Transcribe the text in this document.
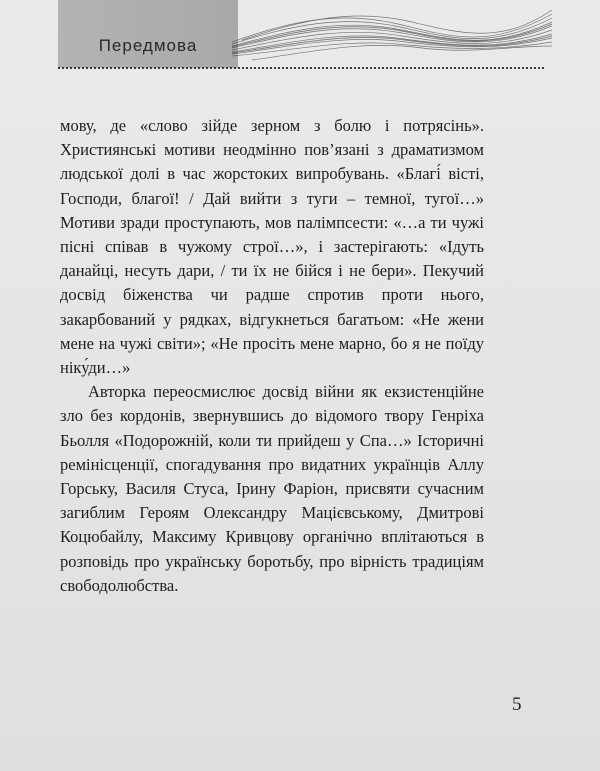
Передмова

мову, де «слово зійде зерном з болю і потрясінь». Християнські мотиви неодмінно пов’язані з драматизмом людської долі в час жорстоких випробувань. «Благі́ вісті, Господи, благої! / Дай вийти з туги – темної, тугої…» Мотиви зради проступають, мов палімпсести: «…а ти чужі пісні співав в чужому строї…», і застерігають: «Ідуть данайці, несуть дари, / ти їх не бійся і не бери». Пекучий досвід біженства чи радше спротив проти нього, закарбований у рядках, відгукнеться багатьом: «Не жени мене на чужі світи»; «Не просіть мене марно, бо я не поїду ніку́ди…»

Авторка переосмислює досвід війни як екзистенційне зло без кордонів, звернувшись до відомого твору Генріха Бьолля «Подорожній, коли ти прийдеш у Спа…» Історичні ремінісценції, спогадування про видатних українців Аллу Горську, Василя Стуса, Ірину Фаріон, присвяти сучасним загиблим Героям Олександру Мацієвському, Дмитрові Коцюбайлу, Максиму Кривцову органічно вплітаються в розповідь про українську боротьбу, про вірність традиціям свободолюбства.

5
